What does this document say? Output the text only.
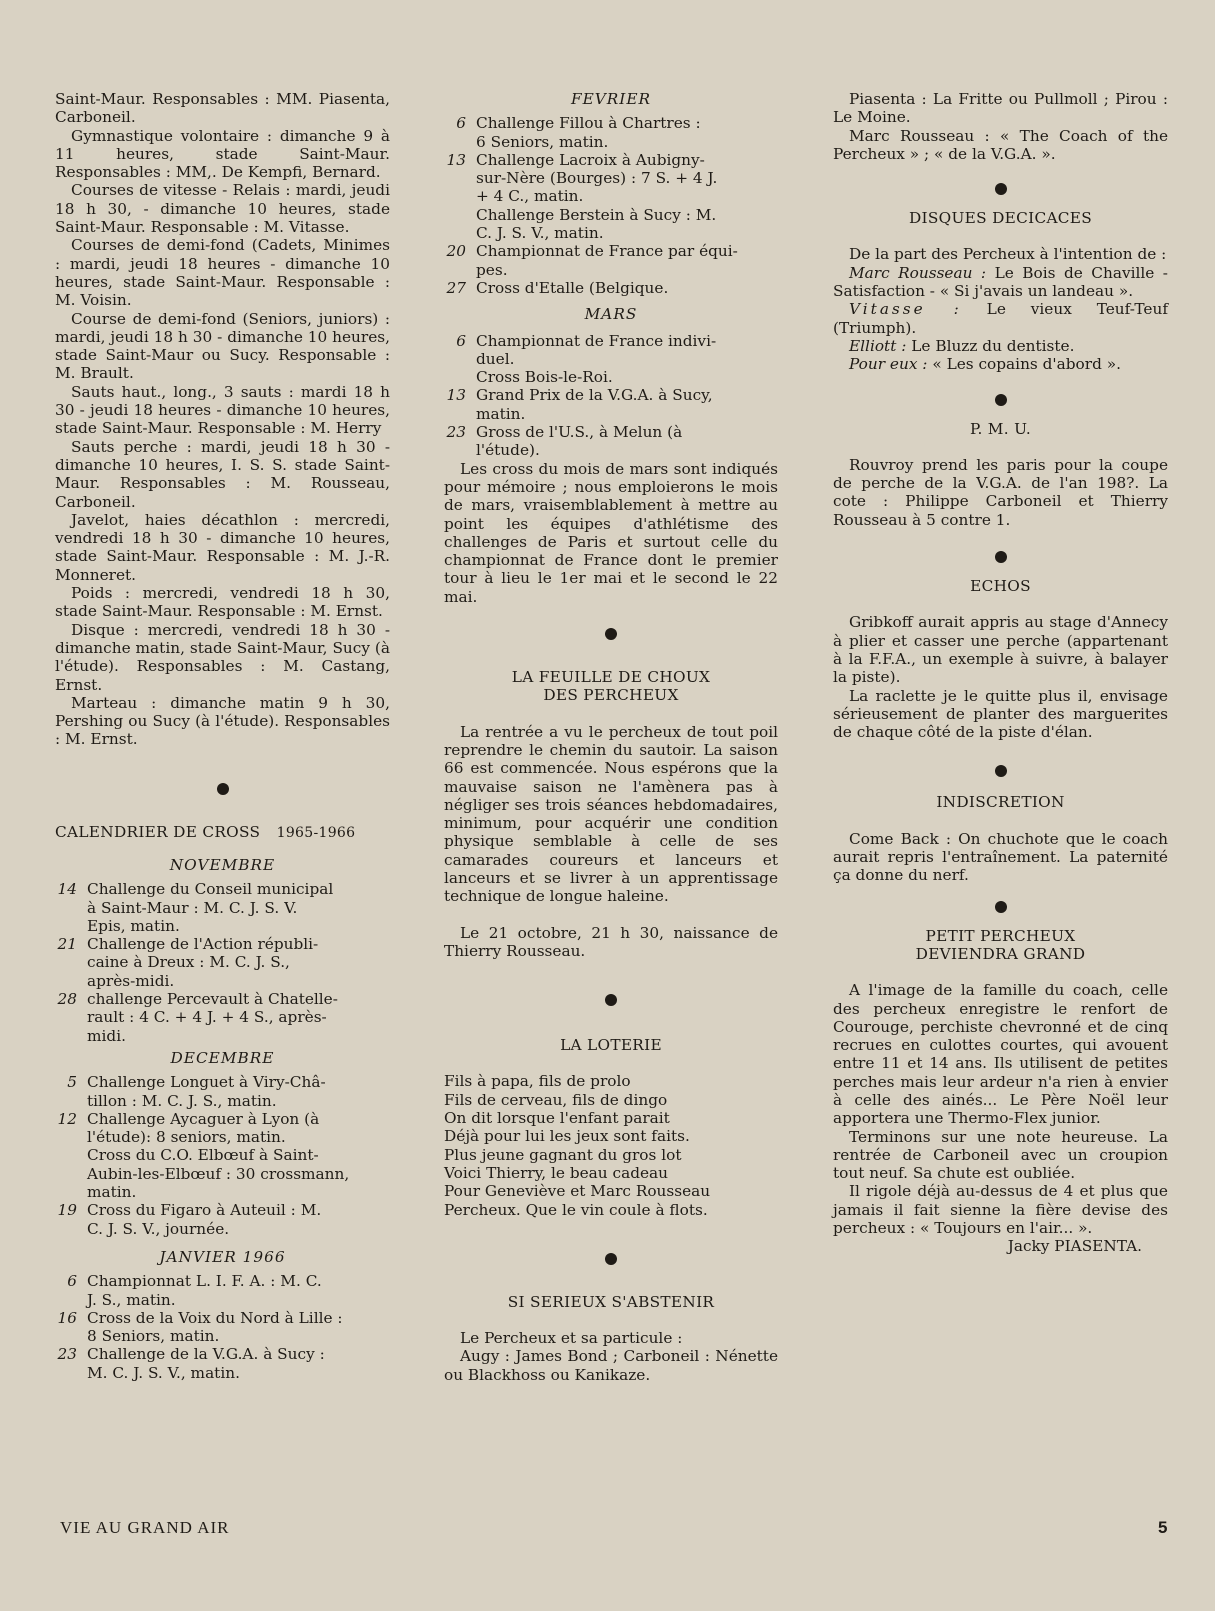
Saint-Maur. Responsables : MM. Piasenta, Carboneil.

Gymnastique volontaire : dimanche 9 à 11 heures, stade Saint-Maur. Responsables : MM,. De Kempfi, Bernard.

Courses de vitesse - Relais : mardi, jeudi 18 h 30, - dimanche 10 heures, stade Saint-Maur. Responsable : M. Vitasse.

Courses de demi-fond (Cadets, Minimes : mardi, jeudi 18 heures - dimanche 10 heures, stade Saint-Maur. Responsable : M. Voisin.

Course de demi-fond (Seniors, juniors) : mardi, jeudi 18 h 30 - dimanche 10 heures, stade Saint-Maur ou Sucy. Responsable : M. Brault.

Sauts haut., long., 3 sauts : mardi 18 h 30 - jeudi 18 heures - dimanche 10 heures, stade Saint-Maur. Responsable : M. Herry

Sauts perche : mardi, jeudi 18 h 30 - dimanche 10 heures, I. S. S. stade Saint-Maur. Responsables : M. Rousseau, Carboneil.

Javelot, haies décathlon : mercredi, vendredi 18 h 30 - dimanche 10 heures, stade Saint-Maur. Responsable : M. J.-R. Monneret.

Poids : mercredi, vendredi 18 h 30, stade Saint-Maur. Responsable : M. Ernst.

Disque : mercredi, vendredi 18 h 30 - dimanche matin, stade Saint-Maur, Sucy (à l'étude). Responsables : M. Castang, Ernst.

Marteau : dimanche matin 9 h 30, Pershing ou Sucy (à l'étude). Responsables : M. Ernst.

CALENDRIER DE CROSS 1965-1966

NOVEMBRE

14 Challenge du Conseil municipal
à Saint-Maur : M. C. J. S. V.
Epis, matin.
21 Challenge de l'Action républi-
caine à Dreux : M. C. J. S.,
après-midi.
28 challenge Percevault à Chatelle-
rault : 4 C. + 4 J. + 4 S., après-
midi.

DECEMBRE

5 Challenge Longuet à Viry-Châ-
tillon : M. C. J. S., matin.
12 Challenge Aycaguer à Lyon (à
l'étude): 8 seniors, matin.
Cross du C.O. Elbœuf à Saint-
Aubin-les-Elbœuf : 30 crossmann,
matin.
19 Cross du Figaro à Auteuil : M.
C. J. S. V., journée.

JANVIER 1966

6 Championnat L. I. F. A. : M. C.
J. S., matin.
16 Cross de la Voix du Nord à Lille :
8 Seniors, matin.
23 Challenge de la V.G.A. à Sucy :
M. C. J. S. V., matin.

FEVRIER

6 Challenge Fillou à Chartres :
6 Seniors, matin.
13 Challenge Lacroix à Aubigny-
sur-Nère (Bourges) : 7 S. + 4 J.
+ 4 C., matin.
Challenge Berstein à Sucy : M.
C. J. S. V., matin.
20 Championnat de France par équi-
pes.
27 Cross d'Etalle (Belgique.

MARS

6 Championnat de France indivi-
duel.
Cross Bois-le-Roi.
13 Grand Prix de la V.G.A. à Sucy,
matin.
23 Gross de l'U.S., à Melun (à
l'étude).

Les cross du mois de mars sont indiqués pour mémoire ; nous emploierons le mois de mars, vraisemblablement à mettre au point les équipes d'athlétisme des challenges de Paris et surtout celle du championnat de France dont le premier tour à lieu le 1er mai et le second le 22 mai.

LA FEUILLE DE CHOUX

DES PERCHEUX

La rentrée a vu le percheux de tout poil reprendre le chemin du sautoir. La saison 66 est commencée. Nous espérons que la mauvaise saison ne l'amènera pas à négliger ses trois séances hebdomadaires, minimum, pour acquérir une condition physique semblable à celle de ses camarades coureurs et lanceurs et lanceurs et se livrer à un apprentissage technique de longue haleine.

Le 21 octobre, 21 h 30, naissance de Thierry Rousseau.

LA LOTERIE

Fils à papa, fils de prolo

Fils de cerveau, fils de dingo

On dit lorsque l'enfant parait

Déjà pour lui les jeux sont faits.

Plus jeune gagnant du gros lot

Voici Thierry, le beau cadeau

Pour Geneviève et Marc Rousseau

Percheux. Que le vin coule à flots.

SI SERIEUX S'ABSTENIR

Le Percheux et sa particule :

Augy : James Bond ; Carboneil : Nénette ou Blackhoss ou Kanikaze.

Piasenta : La Fritte ou Pullmoll ; Pirou : Le Moine.

Marc Rousseau : « The Coach of the Percheux » ; « de la V.G.A. ».

DISQUES DECICACES

De la part des Percheux à l'intention de :

Marc Rousseau : Le Bois de Chaville - Satisfaction - « Si j'avais un landeau ».

Vitasse : Le vieux Teuf-Teuf (Triumph).

Elliott : Le Bluzz du dentiste.

Pour eux : « Les copains d'abord ».

P. M. U.

Rouvroy prend les paris pour la coupe de perche de la V.G.A. de l'an 198?. La cote : Philippe Carboneil et Thierry Rousseau à 5 contre 1.

ECHOS

Gribkoff aurait appris au stage d'Annecy à plier et casser une perche (appartenant à la F.F.A., un exemple à suivre, à balayer la piste).

La raclette je le quitte plus il, envisage sérieusement de planter des marguerites de chaque côté de la piste d'élan.

INDISCRETION

Come Back : On chuchote que le coach aurait repris l'entraînement. La paternité ça donne du nerf.

PETIT PERCHEUX

DEVIENDRA GRAND

A l'image de la famille du coach, celle des percheux enregistre le renfort de Courouge, perchiste chevronné et de cinq recrues en culottes courtes, qui avouent entre 11 et 14 ans. Ils utilisent de petites perches mais leur ardeur n'a rien à envier à celle des ainés... Le Père Noël leur apportera une Thermo-Flex junior.

Terminons sur une note heureuse. La rentrée de Carboneil avec un croupion tout neuf. Sa chute est oubliée.

Il rigole déjà au-dessus de 4 et plus que jamais il fait sienne la fière devise des percheux : « Toujours en l'air... ».

Jacky PIASENTA.

VIE AU GRAND AIR	5
